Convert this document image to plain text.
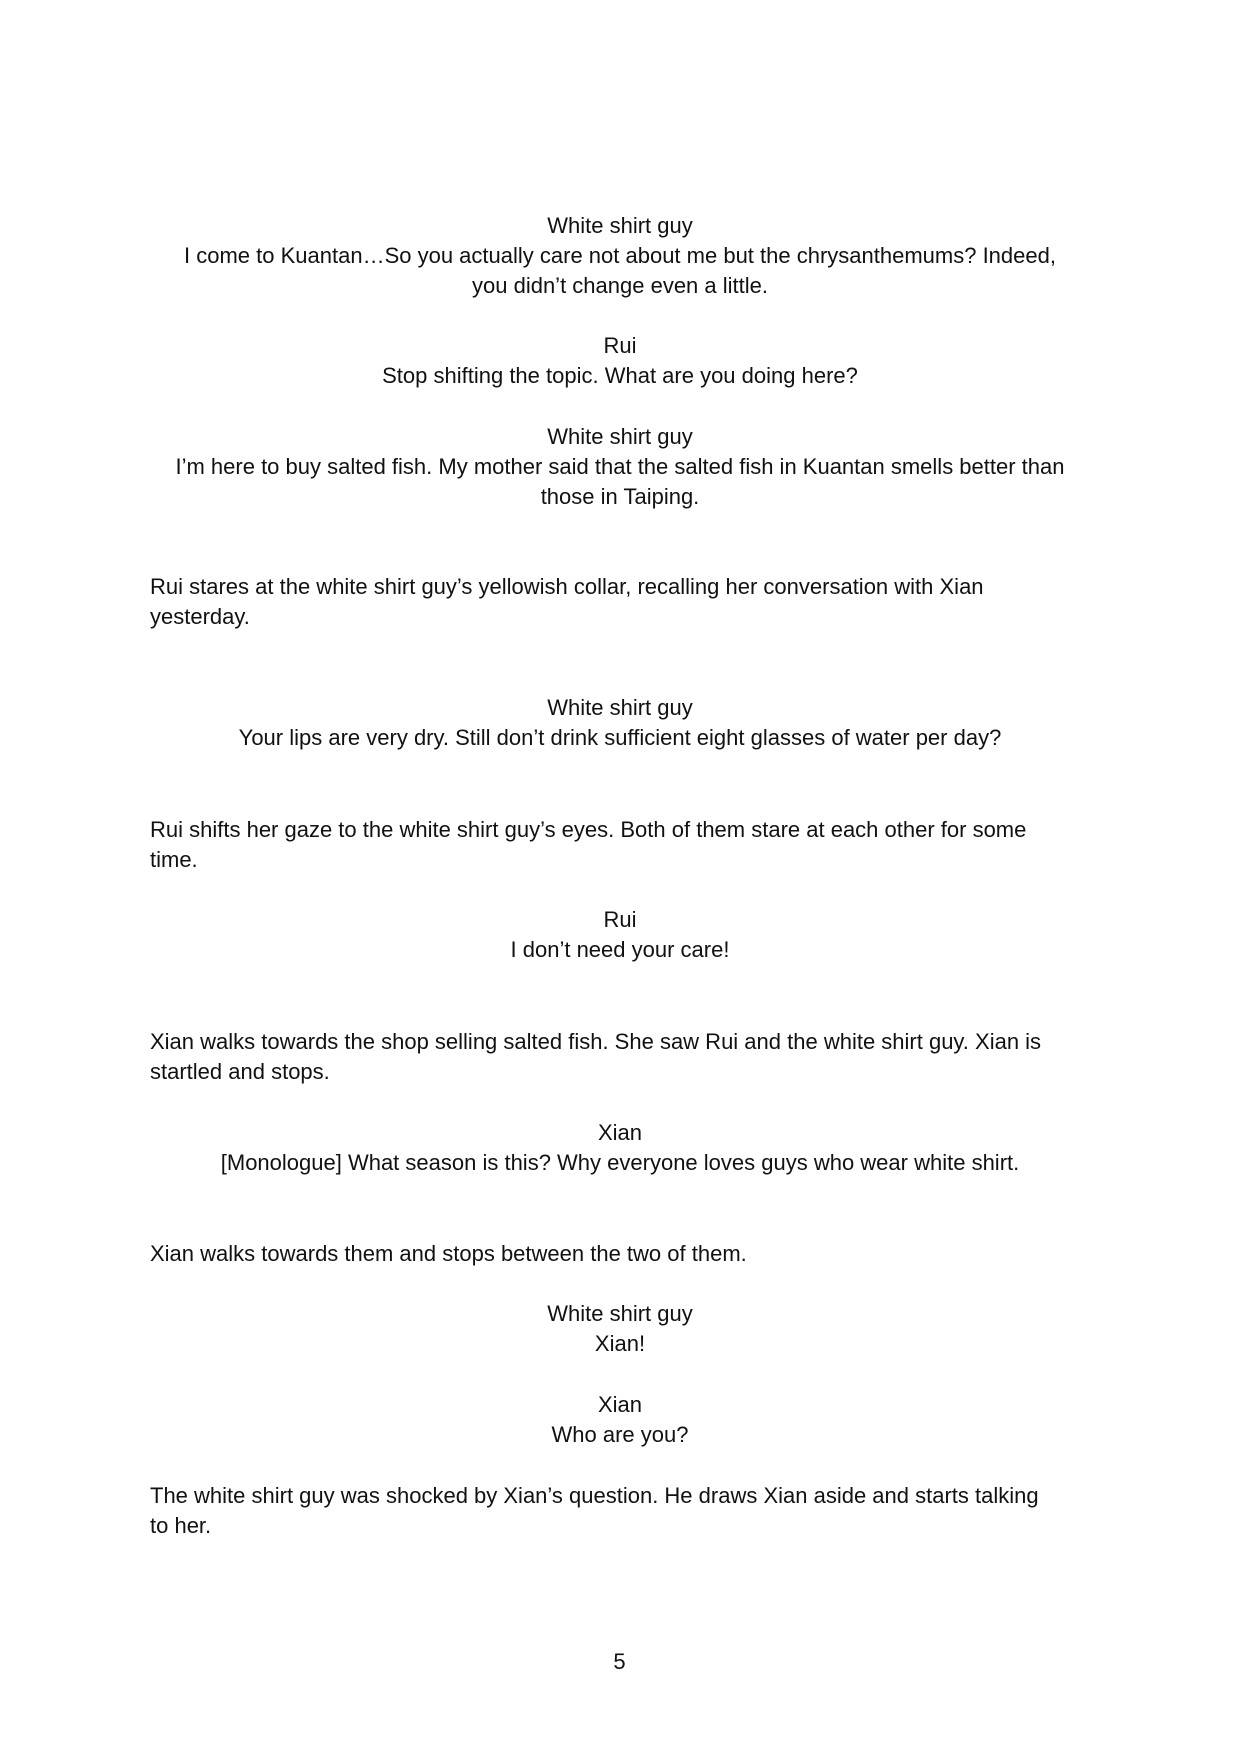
White shirt guy
I come to Kuantan…So you actually care not about me but the chrysanthemums? Indeed,
you didn’t change even a little.
Rui
Stop shifting the topic. What are you doing here?
White shirt guy
I’m here to buy salted fish. My mother said that the salted fish in Kuantan smells better than
those in Taiping.
Rui stares at the white shirt guy’s yellowish collar, recalling her conversation with Xian
yesterday.
White shirt guy
Your lips are very dry. Still don’t drink sufficient eight glasses of water per day?
Rui shifts her gaze to the white shirt guy’s eyes. Both of them stare at each other for some
time.
Rui
I don’t need your care!
Xian walks towards the shop selling salted fish. She saw Rui and the white shirt guy. Xian is
startled and stops.
Xian
[Monologue] What season is this? Why everyone loves guys who wear white shirt.
Xian walks towards them and stops between the two of them.
White shirt guy
Xian!
Xian
Who are you?
The white shirt guy was shocked by Xian’s question. He draws Xian aside and starts talking
to her.
5
